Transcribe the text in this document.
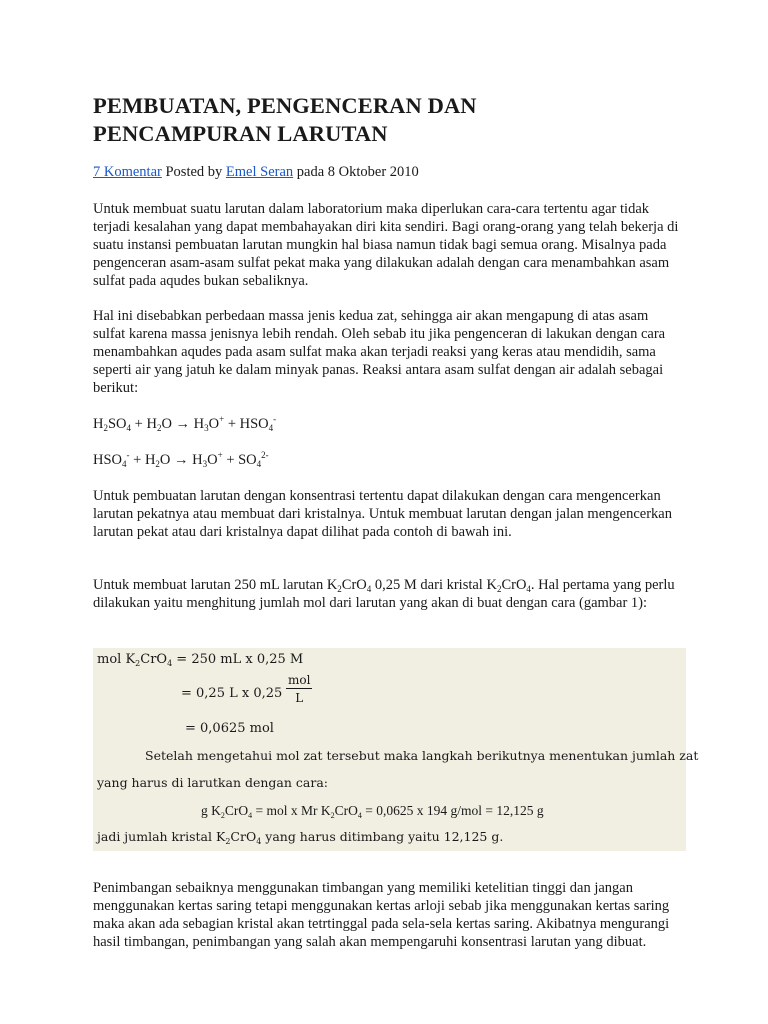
PEMBUATAN, PENGENCERAN DAN
PENCAMPURAN LARUTAN
7 Komentar Posted by Emel Seran pada 8 Oktober 2010

Untuk membuat suatu larutan dalam laboratorium maka diperlukan cara-cara tertentu agar tidak terjadi kesalahan yang dapat membahayakan diri kita sendiri. Bagi orang-orang yang telah bekerja di suatu instansi pembuatan larutan mungkin hal biasa namun tidak bagi semua orang. Misalnya pada pengenceran asam-asam sulfat pekat maka yang dilakukan adalah dengan cara menambahkan asam sulfat pada aqudes bukan sebaliknya.

Hal ini disebabkan perbedaan massa jenis kedua zat, sehingga air akan mengapung di atas asam sulfat karena massa jenisnya lebih rendah. Oleh sebab itu jika pengenceran di lakukan dengan cara menambahkan aqudes pada asam sulfat maka akan terjadi reaksi yang keras atau mendidih, sama seperti air yang jatuh ke dalam minyak panas. Reaksi antara asam sulfat dengan air adalah sebagai berikut:

$H_2SO_4 + H_2O \to H_3O^+ + HSO_4^-$

$HSO_4^- + H_2O \to H_3O^+ + SO_4^{2-}$

Untuk pembuatan larutan dengan konsentrasi tertentu dapat dilakukan dengan cara mengencerkan larutan pekatnya atau membuat dari kristalnya. Untuk membuat larutan dengan jalan mengencerkan larutan pekat atau dari kristalnya dapat dilihat pada contoh di bawah ini.

Untuk membuat larutan 250 mL larutan $K_2CrO_4$ 0,25 M dari kristal $K_2CrO_4$. Hal pertama yang perlu dilakukan yaitu menghitung jumlah mol dari larutan yang akan di buat dengan cara (gambar 1):

mol $K_2CrO_4 = 250$ mL x 0,25 M
= 0,25 L x 0,25
mol
L
= 0,0625 mol
Setelah mengetahui mol zat tersebut maka langkah berikutnya menentukan jumlah zat
yang harus di larutkan dengan cara:
g $K_2CrO_4$ = mol x Mr $K_2CrO_4 = 0,0625$ x 194 g/mol = 12,125 g
jadi jumlah kristal $K_2CrO_4$ yang harus ditimbang yaitu 12,125 g.

Penimbangan sebaiknya menggunakan timbangan yang memiliki ketelitian tinggi dan jangan menggunakan kertas saring tetapi menggunakan kertas arloji sebab jika menggunakan kertas saring maka akan ada sebagian kristal akan tetrtinggal pada sela-sela kertas saring. Akibatnya mengurangi hasil timbangan, penimbangan yang salah akan mempengaruhi konsentrasi larutan yang dibuat.
